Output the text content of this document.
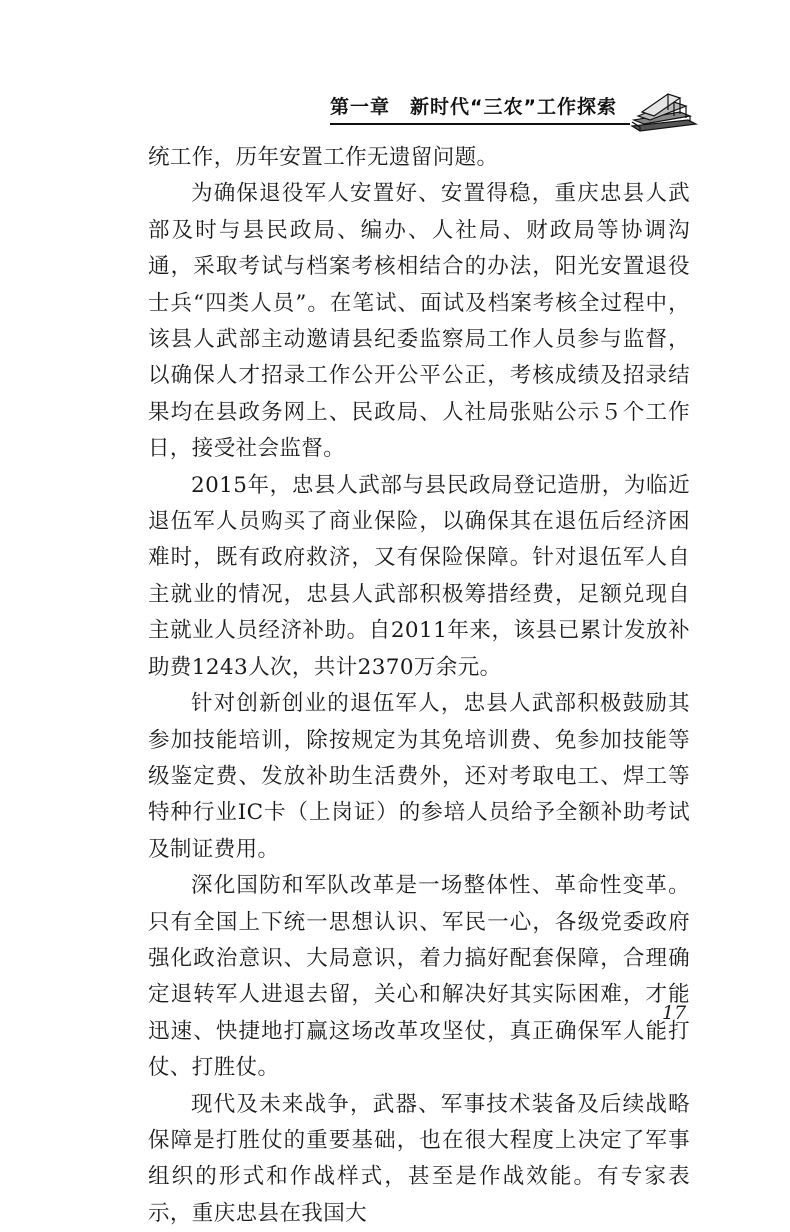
第一章　新时代“三农”工作探索

统工作，历年安置工作无遗留问题。

为确保退役军人安置好、安置得稳，重庆忠县人武部及时与县民政局、编办、人社局、财政局等协调沟通，采取考试与档案考核相结合的办法，阳光安置退役士兵“四类人员”。在笔试、面试及档案考核全过程中，该县人武部主动邀请县纪委监察局工作人员参与监督，以确保人才招录工作公开公平公正，考核成绩及招录结果均在县政务网上、民政局、人社局张贴公示５个工作日，接受社会监督。

2015年，忠县人武部与县民政局登记造册，为临近退伍军人员购买了商业保险，以确保其在退伍后经济困难时，既有政府救济，又有保险保障。针对退伍军人自主就业的情况，忠县人武部积极筹措经费，足额兑现自主就业人员经济补助。自2011年来，该县已累计发放补助费1243人次，共计2370万余元。

针对创新创业的退伍军人，忠县人武部积极鼓励其参加技能培训，除按规定为其免培训费、免参加技能等级鉴定费、发放补助生活费外，还对考取电工、焊工等特种行业IC卡（上岗证）的参培人员给予全额补助考试及制证费用。

深化国防和军队改革是一场整体性、革命性变革。只有全国上下统一思想认识、军民一心，各级党委政府强化政治意识、大局意识，着力搞好配套保障，合理确定退转军人进退去留，关心和解决好其实际困难，才能迅速、快捷地打赢这场改革攻坚仗，真正确保军人能打仗、打胜仗。

现代及未来战争，武器、军事技术装备及后续战略保障是打胜仗的重要基础，也在很大程度上决定了军事组织的形式和作战样式，甚至是作战效能。有专家表示，重庆忠县在我国大

17
